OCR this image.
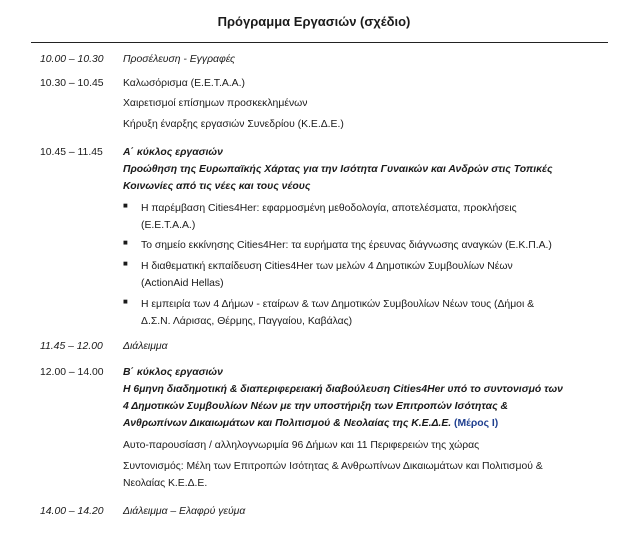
Πρόγραμμα Εργασιών (σχέδιο)
10.00 – 10.30 Προσέλευση - Εγγραφές
10.30 – 10.45 Καλωσόρισμα (Ε.Ε.Τ.Α.Α.)
Χαιρετισμοί επίσημων προσκεκλημένων
Κήρυξη έναρξης εργασιών Συνεδρίου (Κ.Ε.Δ.Ε.)
10.45 – 11.45 Α΄ κύκλος εργασιών
Προώθηση της Ευρωπαϊκής Χάρτας για την Ισότητα Γυναικών και Ανδρών στις Τοπικές
Κοινωνίες από τις νέες και τους νέους
■ Η παρέμβαση Cities4Her: εφαρμοσμένη μεθοδολογία, αποτελέσματα, προκλήσεις
(Ε.Ε.Τ.Α.Α.)
■ Το σημείο εκκίνησης Cities4Her: τα ευρήματα της έρευνας διάγνωσης αναγκών (Ε.Κ.Π.Α.)
■ Η διαθεματική εκπαίδευση Cities4Her των μελών 4 Δημοτικών Συμβουλίων Νέων
(ActionAid Hellas)
■ Η εμπειρία των 4 Δήμων - εταίρων & των Δημοτικών Συμβουλίων Νέων τους (Δήμοι &
Δ.Σ.Ν. Λάρισας, Θέρμης, Παγγαίου, Καβάλας)
11.45 – 12.00 Διάλειμμα
12.00 – 14.00 Β΄ κύκλος εργασιών
Η 6μηνη διαδημοτική & διαπεριφερειακή διαβούλευση Cities4Her υπό το συντονισμό των
4 Δημοτικών Συμβουλίων Νέων με την υποστήριξη των Επιτροπών Ισότητας &
Ανθρωπίνων Δικαιωμάτων και Πολιτισμού & Νεολαίας της Κ.Ε.Δ.Ε. (Μέρος Ι)
Αυτο-παρουσίαση / αλληλογνωριμία 96 Δήμων και 11 Περιφερειών της χώρας
Συντονισμός: Μέλη των Επιτροπών Ισότητας & Ανθρωπίνων Δικαιωμάτων και Πολιτισμού &
Νεολαίας Κ.Ε.Δ.Ε.
14.00 – 14.20 Διάλειμμα – Ελαφρύ γεύμα
